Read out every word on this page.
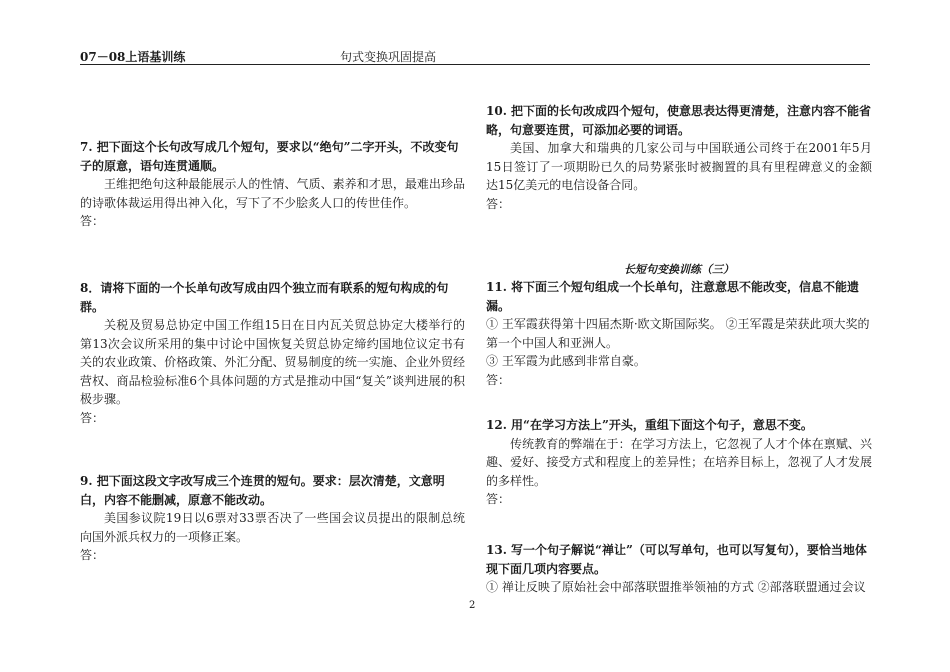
07－08上语基训练	句式变换巩固提高

7. 把下面这个长句改写成几个短句，要求以“绝句”二字开头，不改变句子的原意，语句连贯通顺。

王维把绝句这种最能展示人的性情、气质、素养和才思，最难出珍品的诗歌体裁运用得出神入化，写下了不少脍炙人口的传世佳作。

答：

8．请将下面的一个长单句改写成由四个独立而有联系的短句构成的句群。

关税及贸易总协定中国工作组15日在日内瓦关贸总协定大楼举行的第13次会议所采用的集中讨论中国恢复关贸总协定缔约国地位议定书有关的农业政策、价格政策、外汇分配、贸易制度的统一实施、企业外贸经营权、商品检验标准6个具体问题的方式是推动中国“复关”谈判进展的积极步骤。

答：

9. 把下面这段文字改写成三个连贯的短句。要求：层次清楚，文意明白，内容不能删减，原意不能改动。

美国参议院19日以6票对33票否决了一些国会议员提出的限制总统向国外派兵权力的一项修正案。

答：

10. 把下面的长句改成四个短句，使意思表达得更清楚，注意内容不能省略，句意要连贯，可添加必要的词语。

美国、加拿大和瑞典的几家公司与中国联通公司终于在2001年5月15日签订了一项期盼已久的局势紧张时被搁置的具有里程碑意义的金额达15亿美元的电信设备合同。

答：

长短句变换训练（三）

11. 将下面三个短句组成一个长单句，注意意思不能改变，信息不能遗漏。

① 王军霞获得第十四届杰斯·欧文斯国际奖。 ②王军霞是荣获此项大奖的第一个中国人和亚洲人。

③ 王军霞为此感到非常自豪。

答：

12. 用“在学习方法上”开头，重组下面这个句子，意思不变。

传统教育的弊端在于：在学习方法上，它忽视了人才个体在禀赋、兴趣、爱好、接受方式和程度上的差异性；在培养目标上，忽视了人才发展的多样性。

答：

13. 写一个句子解说“禅让”（可以写单句，也可以写复句），要恰当地体现下面几项内容要点。

① 禅让反映了原始社会中部落联盟推举领袖的方式 ②部落联盟通过会议

2
